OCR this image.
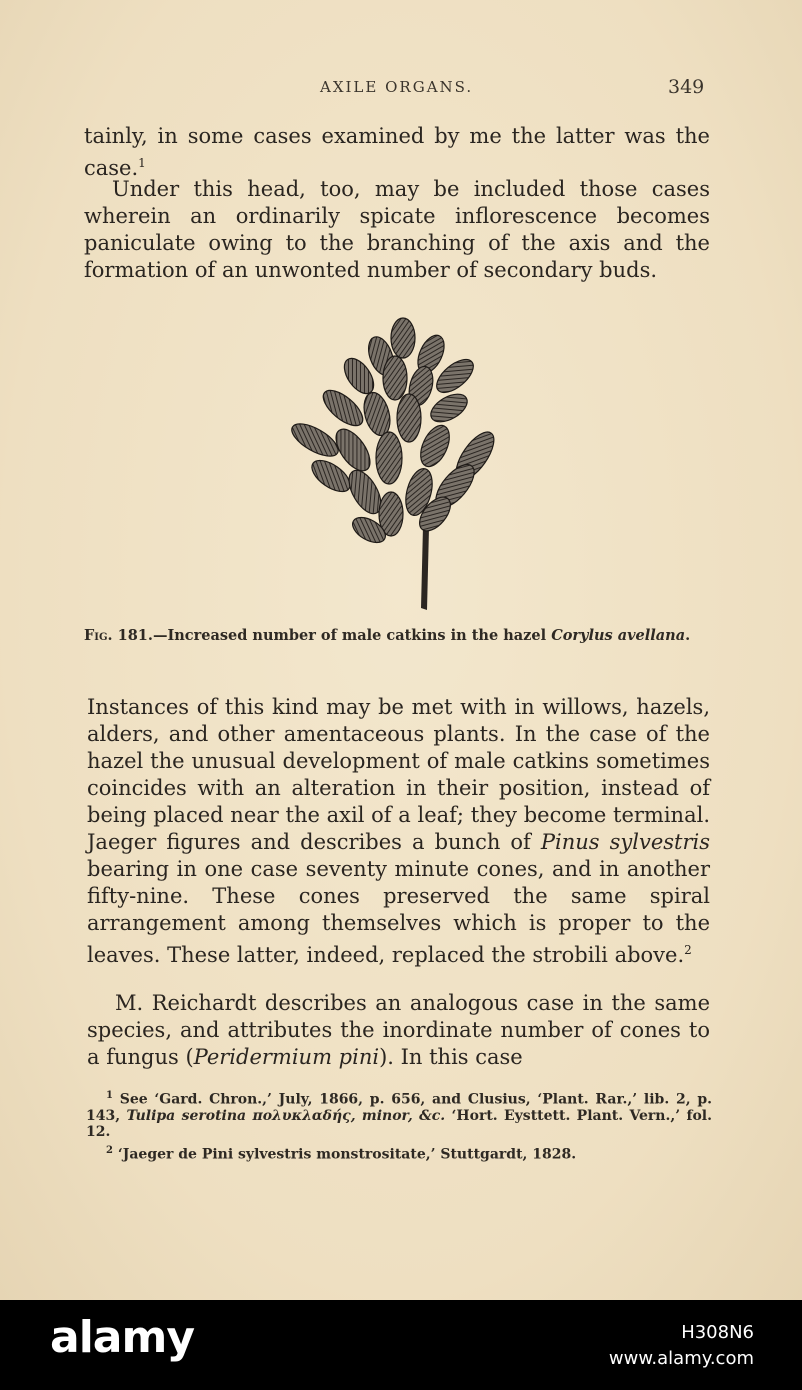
AXILE ORGANS.	349

tainly, in some cases examined by me the latter was the case.$^1$

Under this head, too, may be included those cases wherein an ordinarily spicate inflorescence becomes paniculate owing to the branching of the axis and the formation of an unwonted number of secondary buds.

Fig. 181.—Increased number of male catkins in the hazel Corylus avellana.

Instances of this kind may be met with in willows, hazels, alders, and other amentaceous plants. In the case of the hazel the unusual development of male catkins sometimes coincides with an alteration in their position, instead of being placed near the axil of a leaf; they become terminal. Jaeger figures and describes a bunch of Pinus sylvestris bearing in one case seventy minute cones, and in another fifty-nine. These cones preserved the same spiral arrangement among themselves which is proper to the leaves. These latter, indeed, replaced the strobili above.$^2$

M. Reichardt describes an analogous case in the same species, and attributes the inordinate number of cones to a fungus (Peridermium pini). In this case

$^1$ See ‘Gard. Chron.,’ July, 1866, p. 656, and Clusius, ‘Plant. Rar.,’ lib. 2, p. 143, Tulipa serotina πολυκλαδής, minor, &c. ‘Hort. Eysttett. Plant. Vern.,’ fol. 12.

$^2$ ‘Jaeger de Pini sylvestris monstrositate,’ Stuttgardt, 1828.

alamy	H308N6
www.alamy.com
